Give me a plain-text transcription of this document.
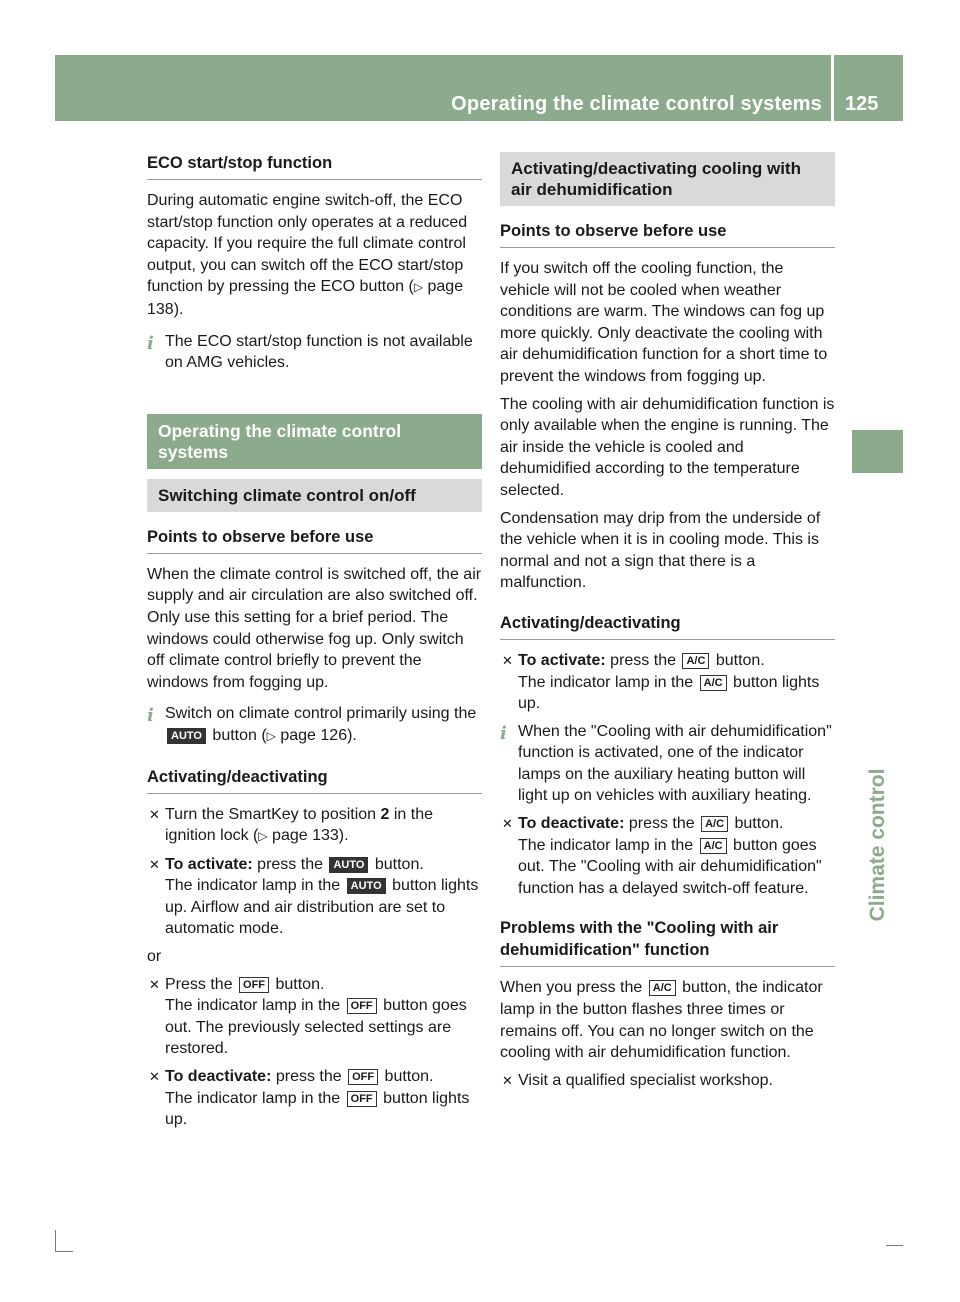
Operating the climate control systems 125
Climate control
ECO start/stop function

During automatic engine switch-off, the ECO start/stop function only operates at a reduced capacity. If you require the full climate control output, you can switch off the ECO start/stop function by pressing the ECO button (▷ page 138).

i The ECO start/stop function is not available on AMG vehicles.
Operating the climate control systems
Switching climate control on/off
Points to observe before use

When the climate control is switched off, the air supply and air circulation are also switched off. Only use this setting for a brief period. The windows could otherwise fog up. Only switch off climate control briefly to prevent the windows from fogging up.

i Switch on climate control primarily using the AUTO button (▷ page 126).
Activating/deactivating
✕ Turn the SmartKey to position 2 in the ignition lock (▷ page 133).
✕ To activate: press the AUTO button.
The indicator lamp in the AUTO button lights up. Airflow and air distribution are set to automatic mode.

or

✕ Press the OFF button.
The indicator lamp in the OFF button goes out. The previously selected settings are restored.
✕ To deactivate: press the OFF button.
The indicator lamp in the OFF button lights up.
Activating/deactivating cooling with air dehumidification
Points to observe before use

If you switch off the cooling function, the vehicle will not be cooled when weather conditions are warm. The windows can fog up more quickly. Only deactivate the cooling with air dehumidification function for a short time to prevent the windows from fogging up.

The cooling with air dehumidification function is only available when the engine is running. The air inside the vehicle is cooled and dehumidified according to the temperature selected.

Condensation may drip from the underside of the vehicle when it is in cooling mode. This is normal and not a sign that there is a malfunction.

Activating/deactivating
✕ To activate: press the A/C button.
The indicator lamp in the A/C button lights up.
i When the "Cooling with air dehumidification" function is activated, one of the indicator lamps on the auxiliary heating button will light up on vehicles with auxiliary heating.
✕ To deactivate: press the A/C button.
The indicator lamp in the A/C button goes out. The "Cooling with air dehumidification" function has a delayed switch-off feature.
Problems with the "Cooling with air dehumidification" function

When you press the A/C button, the indicator lamp in the button flashes three times or remains off. You can no longer switch on the cooling with air dehumidification function.

✕ Visit a qualified specialist workshop.
